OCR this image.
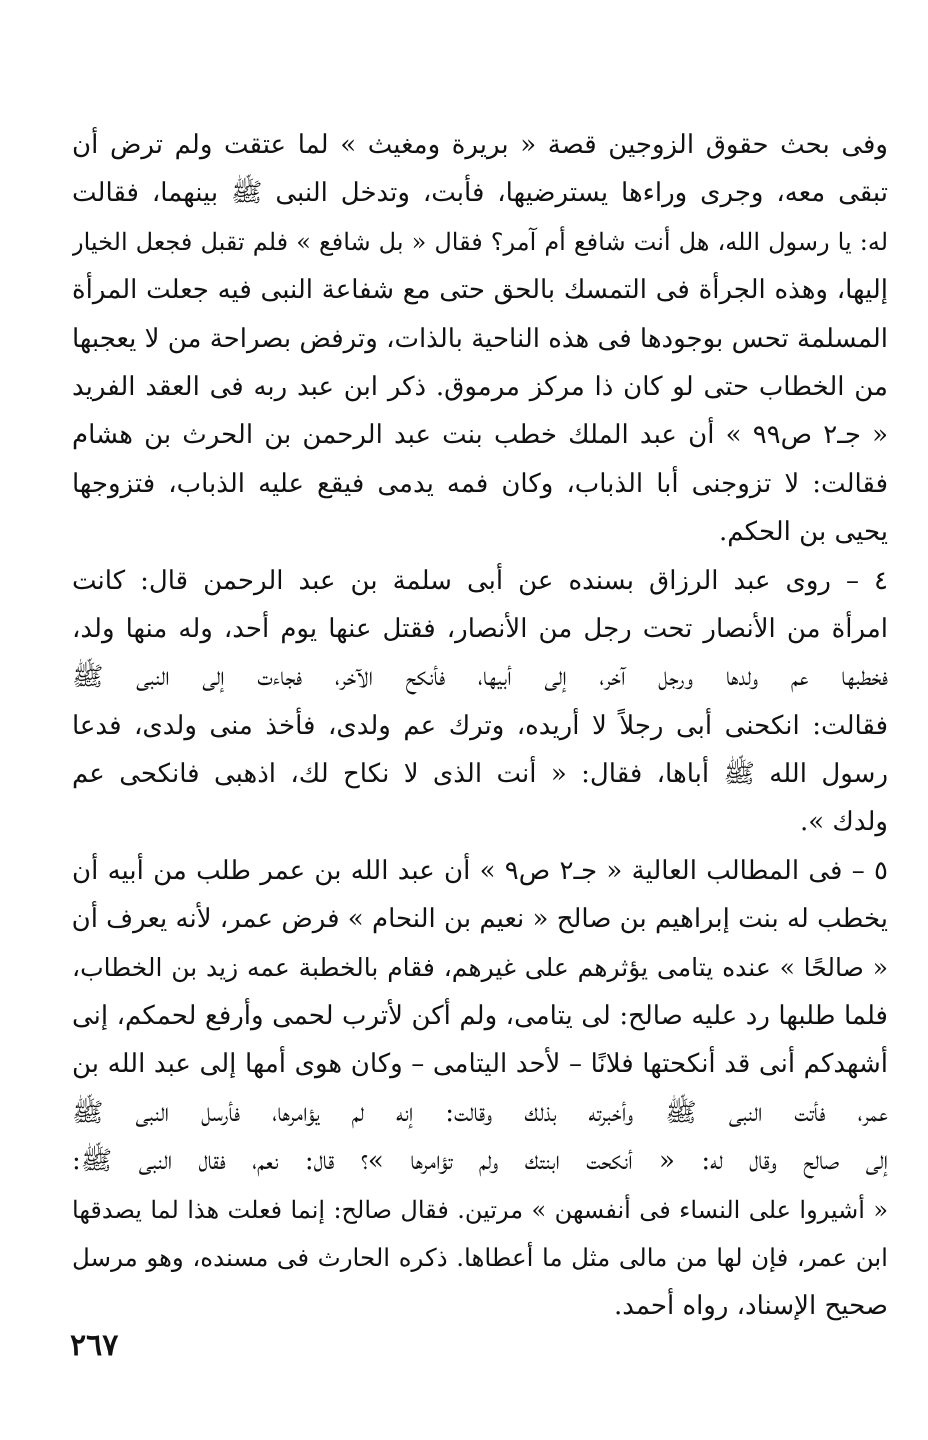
وفى بحث حقوق الزوجين قصة « بريرة ومغيث » لما عتقت ولم ترض أن
تبقى معه، وجرى وراءها يسترضيها، فأبت، وتدخل النبى ﷺ بينهما، فقالت
له: يا رسول الله، هل أنت شافع أم آمر؟ فقال « بل شافع » فلم تقبل فجعل الخيار
إليها، وهذه الجرأة فى التمسك بالحق حتى مع شفاعة النبى فيه جعلت المرأة
المسلمة تحس بوجودها فى هذه الناحية بالذات، وترفض بصراحة من لا يعجبها
من الخطاب حتى لو كان ذا مركز مرموق. ذكر ابن عبد ربه فى العقد الفريد
« جـ٢ ص٩٩ » أن عبد الملك خطب بنت عبد الرحمن بن الحرث بن هشام
فقالت: لا تزوجنى أبا الذباب، وكان فمه يدمى فيقع عليه الذباب، فتزوجها
يحيى بن الحكم.
٤ – روى عبد الرزاق بسنده عن أبى سلمة بن عبد الرحمن قال: كانت
امرأة من الأنصار تحت رجل من الأنصار، فقتل عنها يوم أحد، وله منها ولد،
فخطبها عم ولدها ورجل آخر، إلى أبيها، فأنكح الآخر، فجاءت إلى النبى ﷺ
فقالت: انكحنى أبى رجلاً لا أريده، وترك عم ولدى، فأخذ منى ولدى، فدعا
رسول الله ﷺ أباها، فقال: « أنت الذى لا نكاح لك، اذهبى فانكحى عم
ولدك ».
٥ – فى المطالب العالية « جـ٢ ص٩ » أن عبد الله بن عمر طلب من أبيه أن
يخطب له بنت إبراهيم بن صالح « نعيم بن النحام » فرض عمر، لأنه يعرف أن
« صالحًا » عنده يتامى يؤثرهم على غيرهم، فقام بالخطبة عمه زيد بن الخطاب،
فلما طلبها رد عليه صالح: لى يتامى، ولم أكن لأترب لحمى وأرفع لحمكم، إنى
أشهدكم أنى قد أنكحتها فلانًا – لأحد اليتامى – وكان هوى أمها إلى عبد الله بن
عمر، فأتت النبى ﷺ وأخبرته بذلك وقالت: إنه لم يؤامرها، فأرسل النبى ﷺ
إلى صالح وقال له: « أنكحت ابنتك ولم تؤامرها »؟ قال: نعم، فقال النبى ﷺ:
« أشيروا على النساء فى أنفسهن » مرتين. فقال صالح: إنما فعلت هذا لما يصدقها
ابن عمر، فإن لها من مالى مثل ما أعطاها. ذكره الحارث فى مسنده، وهو مرسل
صحيح الإسناد، رواه أحمد.
٢٦٧
